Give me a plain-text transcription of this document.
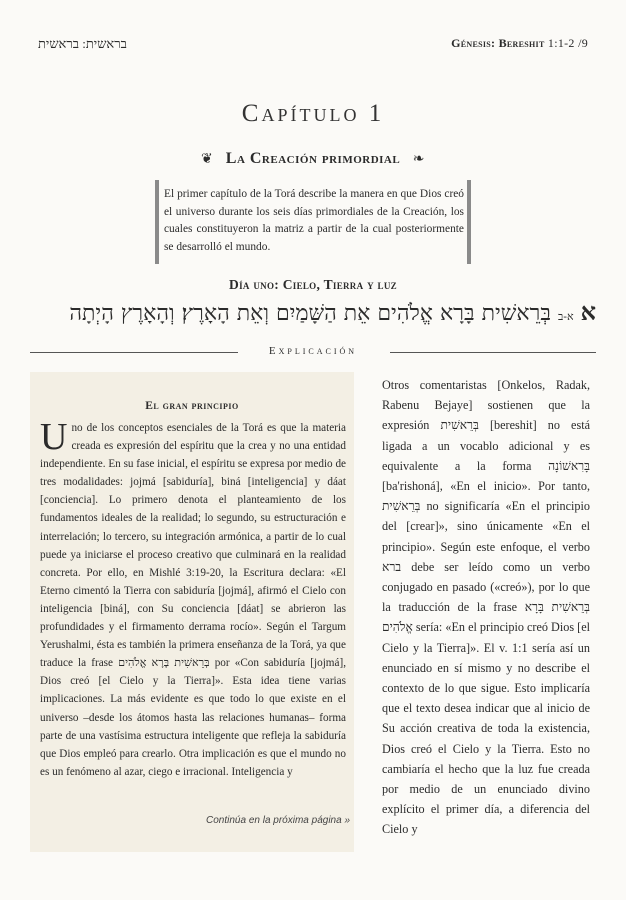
בראשית: בראשית	Génesis: Bereshit 1:1-2 /9
Capítulo 1
❦ La Creación primordial ❧
El primer capítulo de la Torá describe la manera en que Dios creó el universo durante los seis días primordiales de la Creación, los cuales constituyeron la matriz a partir de la cual posteriormente se desarrolló el mundo.
Día uno: Cielo, Tierra y luz
א א-ב בְּרֵאשִׁית בָּרָא אֱלֹהִים אֵת הַשָּׁמַיִם וְאֵת הָאָרֶץ׃ וְהָאָרֶץ הָיְתָה
Explicación
El gran principio
Uno de los conceptos esenciales de la Torá es que la materia creada es expresión del espíritu que la crea y no una entidad independiente. En su fase inicial, el espíritu se expresa por medio de tres modalidades: jojmá [sabiduría], biná [inteligencia] y dáat [conciencia]. Lo primero denota el planteamiento de los fundamentos ideales de la realidad; lo segundo, su estructuración e interrelación; lo tercero, su integración armónica, a partir de lo cual puede ya iniciarse el proceso creativo que culminará en la realidad concreta. Por ello, en Mishlé 3:19-20, la Escritura declara: «El Eterno cimentó la Tierra con sabiduría [jojmá], afirmó el Cielo con inteligencia [biná], con Su conciencia [dáat] se abrieron las profundidades y el firmamento derrama rocío». Según el Targum Yerushalmi, ésta es también la primera enseñanza de la Torá, ya que traduce la frase בְּרֵאשִׁית בָּרָא אֱלֹהִים por «Con sabiduría [jojmá], Dios creó [el Cielo y la Tierra]». Esta idea tiene varias implicaciones. La más evidente es que todo lo que existe en el universo –desde los átomos hasta las relaciones humanas– forma parte de una vastísima estructura inteligente que refleja la sabiduría que Dios empleó para crearlo. Otra implicación es que el mundo no es un fenómeno al azar, ciego e irracional. Inteligencia y
Continúa en la próxima página »
Otros comentaristas [Onkelos, Radak, Rabenu Bejaye] sostienen que la expresión בְּרֵאשִׁית [bereshit] no está ligada a un vocablo adicional y es equivalente a la forma בָּרִאשׁוֹנָה [ba'rishoná], «En el inicio». Por tanto, בְּרֵאשִׁית no significaría «En el principio del [crear]», sino únicamente «En el principio». Según este enfoque, el verbo ברא debe ser leído como un verbo conjugado en pasado («creó»), por lo que la traducción de la frase בְּרֵאשִׁית בָּרָא אֱלֹהִים sería: «En el principio creó Dios [el Cielo y la Tierra]». El v. 1:1 sería así un enunciado en sí mismo y no describe el contexto de lo que sigue. Esto implicaría que el texto desea indicar que al inicio de Su acción creativa de toda la existencia, Dios creó el Cielo y la Tierra. Esto no cambiaría el hecho que la luz fue creada por medio de un enunciado divino explícito el primer día, a diferencia del Cielo y
